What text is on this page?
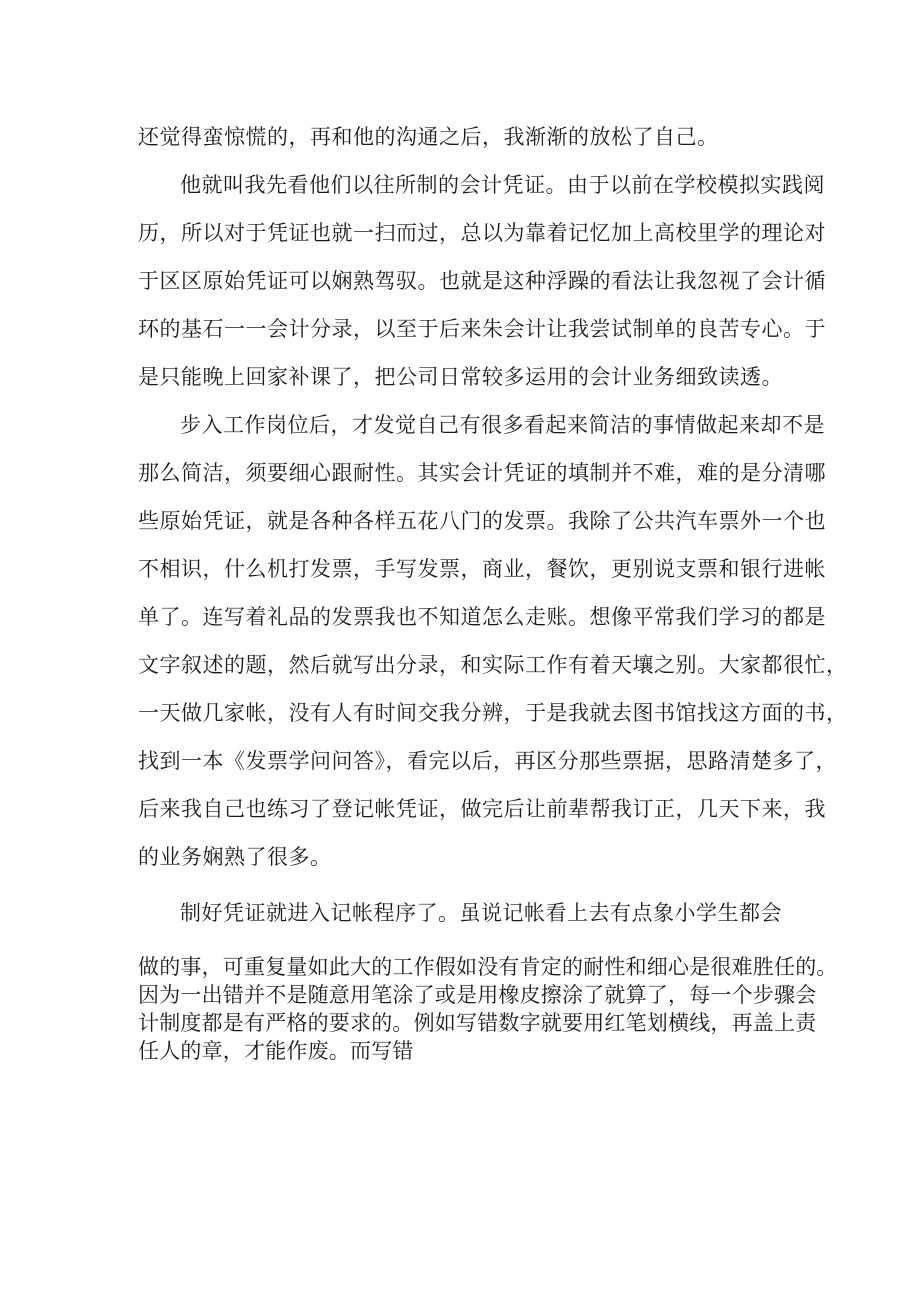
还觉得蛮惊慌的，再和他的沟通之后，我渐渐的放松了自己。
他就叫我先看他们以往所制的会计凭证。由于以前在学校模拟实践阅
历，所以对于凭证也就一扫而过，总以为靠着记忆加上高校里学的理论对
于区区原始凭证可以娴熟驾驭。也就是这种浮躁的看法让我忽视了会计循
环的基石一一会计分录，以至于后来朱会计让我尝试制单的良苦专心。于
是只能晚上回家补课了，把公司日常较多运用的会计业务细致读透。
步入工作岗位后，才发觉自己有很多看起来简洁的事情做起来却不是
那么简洁，须要细心跟耐性。其实会计凭证的填制并不难，难的是分清哪
些原始凭证，就是各种各样五花八门的发票。我除了公共汽车票外一个也
不相识，什么机打发票，手写发票，商业，餐饮，更别说支票和银行进帐
单了。连写着礼品的发票我也不知道怎么走账。想像平常我们学习的都是
文字叙述的题，然后就写出分录，和实际工作有着天壤之别。大家都很忙，
一天做几家帐，没有人有时间交我分辨，于是我就去图书馆找这方面的书，
找到一本《发票学问问答》，看完以后，再区分那些票据，思路清楚多了，
后来我自己也练习了登记帐凭证，做完后让前辈帮我订正，几天下来，我
的业务娴熟了很多。
制好凭证就进入记帐程序了。虽说记帐看上去有点象小学生都会
做的事，可重复量如此大的工作假如没有肯定的耐性和细心是很难胜任的。
因为一出错并不是随意用笔涂了或是用橡皮擦涂了就算了，每一个步骤会
计制度都是有严格的要求的。例如写错数字就要用红笔划横线，再盖上责
任人的章，才能作废。而写错
